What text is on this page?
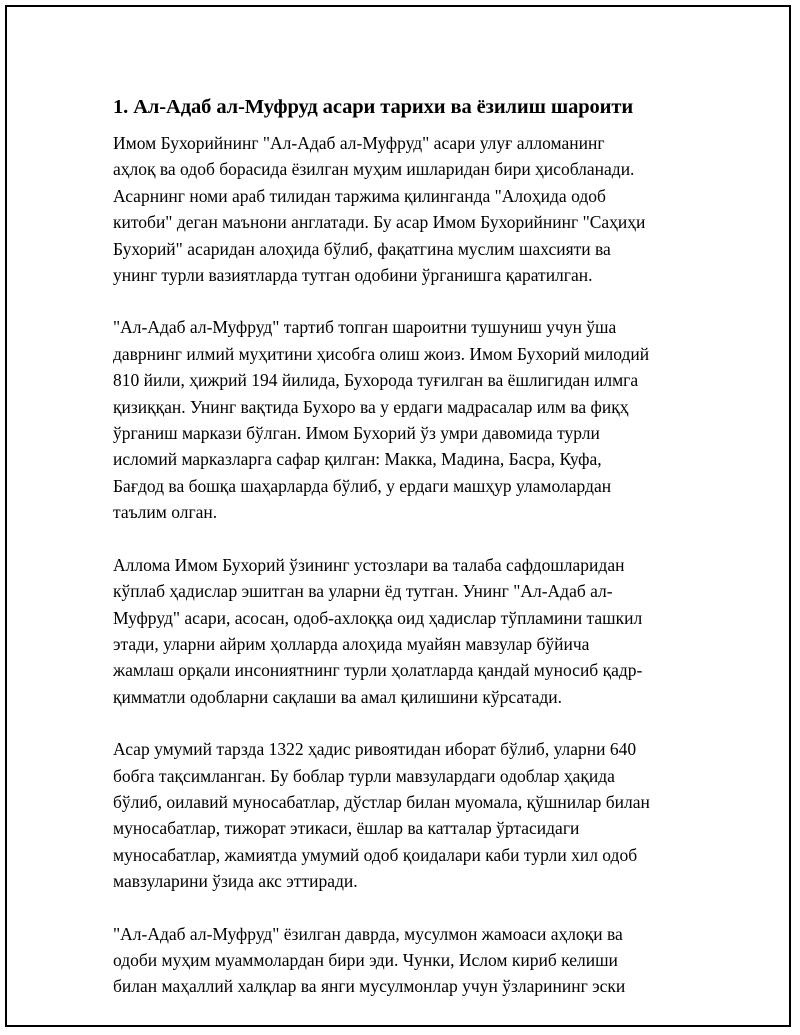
1. Ал-Адаб ал-Муфруд асари тарихи ва ёзилиш шароити

Имом Бухорийнинг "Ал-Адаб ал-Муфруд" асари улуғ алломанинг
аҳлоқ ва одоб борасида ёзилган муҳим ишларидан бири ҳисобланади.
Асарнинг номи араб тилидан таржима қилинганда "Алоҳида одоб
китоби" деган маънони англатади. Бу асар Имом Бухорийнинг "Саҳиҳи
Бухорий" асаридан алоҳида бўлиб, фақатгина муслим шахсияти ва
унинг турли вазиятларда тутган одобини ўрганишга қаратилган.

"Ал-Адаб ал-Муфруд" тартиб топган шароитни тушуниш учун ўша
даврнинг илмий муҳитини ҳисобга олиш жоиз. Имом Бухорий милодий
810 йили, ҳижрий 194 йилида, Бухорода туғилган ва ёшлигидан илмга
қизиққан. Унинг вақтида Бухоро ва у ердаги мадрасалар илм ва фиқҳ
ўрганиш маркази бўлган. Имом Бухорий ўз умри давомида турли
исломий марказларга сафар қилган: Макка, Мадина, Басра, Куфа,
Бағдод ва бошқа шаҳарларда бўлиб, у ердаги машҳур уламолардан
таълим олган.

Аллома Имом Бухорий ўзининг устозлари ва талаба сафдошларидан
кўплаб ҳадислар эшитган ва уларни ёд тутган. Унинг "Ал-Адаб ал-
Муфруд" асари, асосан, одоб-ахлоққа оид ҳадислар тўпламини ташкил
этади, уларни айрим ҳолларда алоҳида муайян мавзулар бўйича
жамлаш орқали инсониятнинг турли ҳолатларда қандай муносиб қадр-
қимматли одобларни сақлаши ва амал қилишини кўрсатади.

Асар умумий тарзда 1322 ҳадис ривоятидан иборат бўлиб, уларни 640
бобга тақсимланган. Бу боблар турли мавзулардаги одоблар ҳақида
бўлиб, оилавий муносабатлар, дўстлар билан муомала, қўшнилар билан
муносабатлар, тижорат этикаси, ёшлар ва катталар ўртасидаги
муносабатлар, жамиятда умумий одоб қоидалари каби турли хил одоб
мавзуларини ўзида акс эттиради.

"Ал-Адаб ал-Муфруд" ёзилган даврда, мусулмон жамоаси аҳлоқи ва
одоби муҳим муаммолардан бири эди. Чунки, Ислом кириб келиши
билан маҳаллий халқлар ва янги мусулмонлар учун ўзларининг эски
